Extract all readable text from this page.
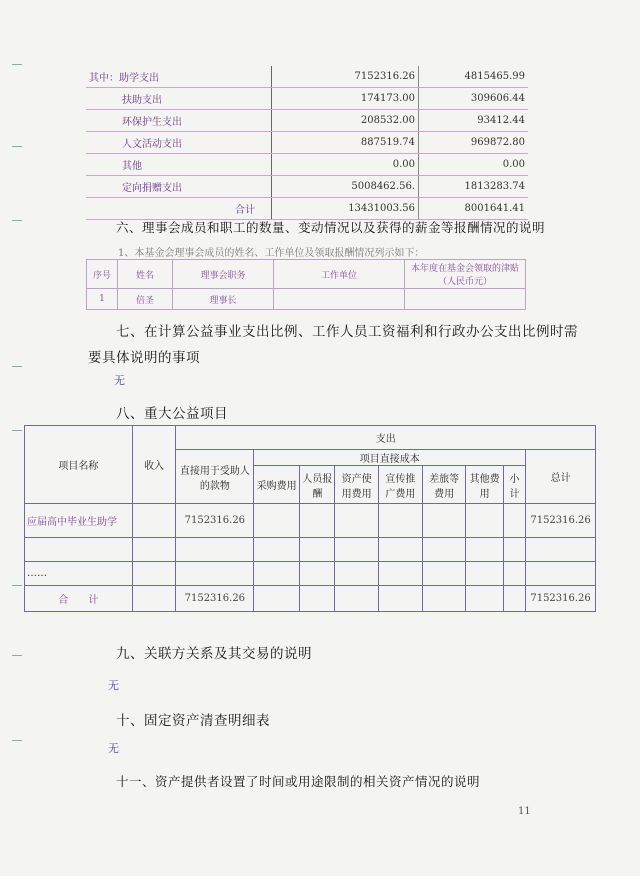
其中：助学支出	7152316.26	4815465.99
扶助支出	174173.00	309606.44
环保护生支出	208532.00	93412.44
人文活动支出	887519.74	969872.80
其他	0.00	0.00
定向捐赠支出	5008462.56.	1813283.74
合计	13431003.56	8001641.41
六、理事会成员和职工的数量、变动情况以及获得的薪金等报酬情况的说明
1、本基金会理事会成员的姓名、工作单位及领取报酬情况列示如下：
序号	姓名	理事会职务	工作单位	本年度在基金会领取的津贴（人民币元）
1	倍圣	理事长		
七、在计算公益事业支出比例、工作人员工资福利和行政办公支出比例时需
要具体说明的事项
无
八、重大公益项目
项目名称	收入	支出								
		直接用于受助人的款物	项目直接成本							总计
			采购费用	人员报酬	资产使用费用	宣传推广费用	差旅等费用	其他费用	小计	
应届高中毕业生助学		7152316.26								7152316.26

……										
合　　计		7152316.26								7152316.26
九、关联方关系及其交易的说明
无
十、固定资产清查明细表
无
十一、资产提供者设置了时间或用途限制的相关资产情况的说明
11
